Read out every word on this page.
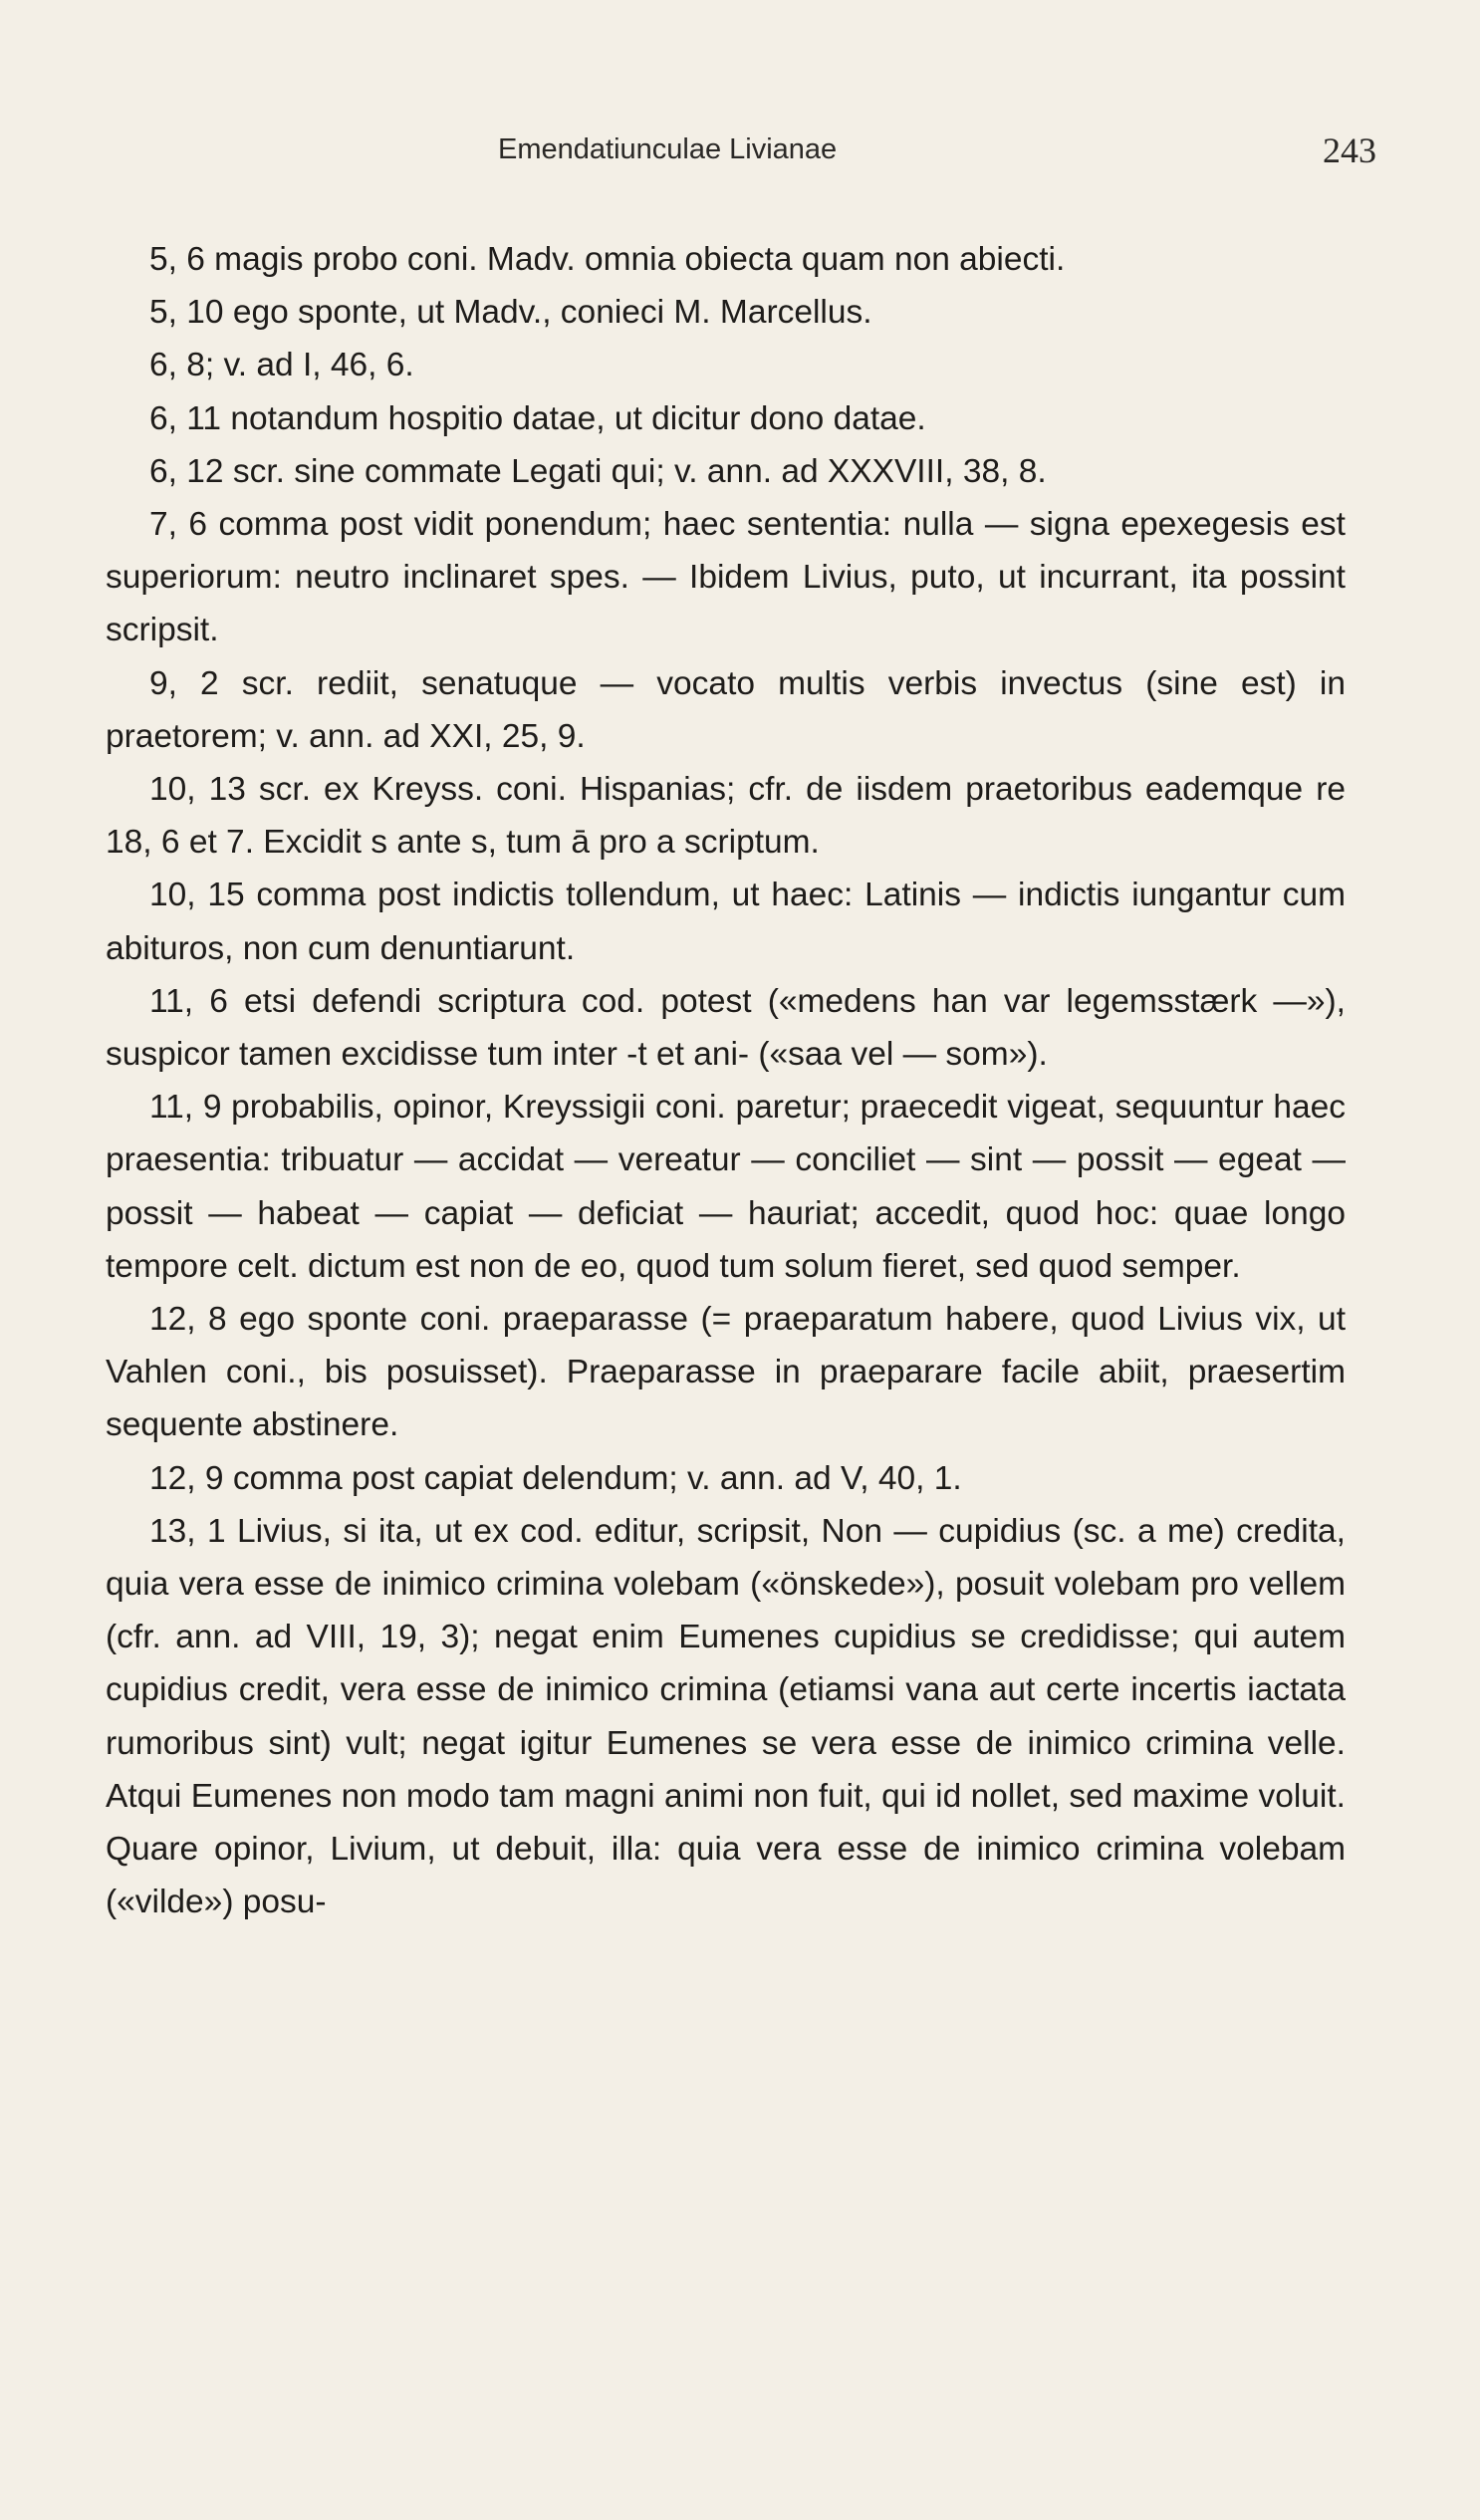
Emendatiunculae Livianae	243

5, 6 magis probo coni. Madv. omnia obiecta quam non abiecti.

5, 10 ego sponte, ut Madv., conieci M. Marcellus.

6, 8; v. ad I, 46, 6.

6, 11 notandum hospitio datae, ut dicitur dono datae.

6, 12 scr. sine commate Legati qui; v. ann. ad XXXVIII, 38, 8.

7, 6 comma post vidit ponendum; haec sententia: nulla — signa epexegesis est superiorum: neutro inclinaret spes. — Ibidem Livius, puto, ut incurrant, ita possint scripsit.

9, 2 scr. rediit, senatuque — vocato multis verbis invectus (sine est) in praetorem; v. ann. ad XXI, 25, 9.

10, 13 scr. ex Kreyss. coni. Hispanias; cfr. de iisdem praetoribus eademque re 18, 6 et 7. Excidit s ante s, tum ā pro a scriptum.

10, 15 comma post indictis tollendum, ut haec: Latinis — indictis iungantur cum abituros, non cum denuntiarunt.

11, 6 etsi defendi scriptura cod. potest («medens han var legemsstærk —»), suspicor tamen excidisse tum inter -t et ani- («saa vel — som»).

11, 9 probabilis, opinor, Kreyssigii coni. paretur; praecedit vigeat, sequuntur haec praesentia: tribuatur — accidat — vereatur — conciliet — sint — possit — egeat — possit — habeat — capiat — deficiat — hauriat; accedit, quod hoc: quae longo tempore celt. dictum est non de eo, quod tum solum fieret, sed quod semper.

12, 8 ego sponte coni. praeparasse (= praeparatum habere, quod Livius vix, ut Vahlen coni., bis posuisset). Praeparasse in praeparare facile abiit, praesertim sequente abstinere.

12, 9 comma post capiat delendum; v. ann. ad V, 40, 1.

13, 1 Livius, si ita, ut ex cod. editur, scripsit, Non — cupidius (sc. a me) credita, quia vera esse de inimico crimina volebam («önskede»), posuit volebam pro vellem (cfr. ann. ad VIII, 19, 3); negat enim Eumenes cupidius se credidisse; qui autem cupidius credit, vera esse de inimico crimina (etiamsi vana aut certe incertis iactata rumoribus sint) vult; negat igitur Eumenes se vera esse de inimico crimina velle. Atqui Eumenes non modo tam magni animi non fuit, qui id nollet, sed maxime voluit. Quare opinor, Livium, ut debuit, illa: quia vera esse de inimico crimina volebam («vilde») posu-
